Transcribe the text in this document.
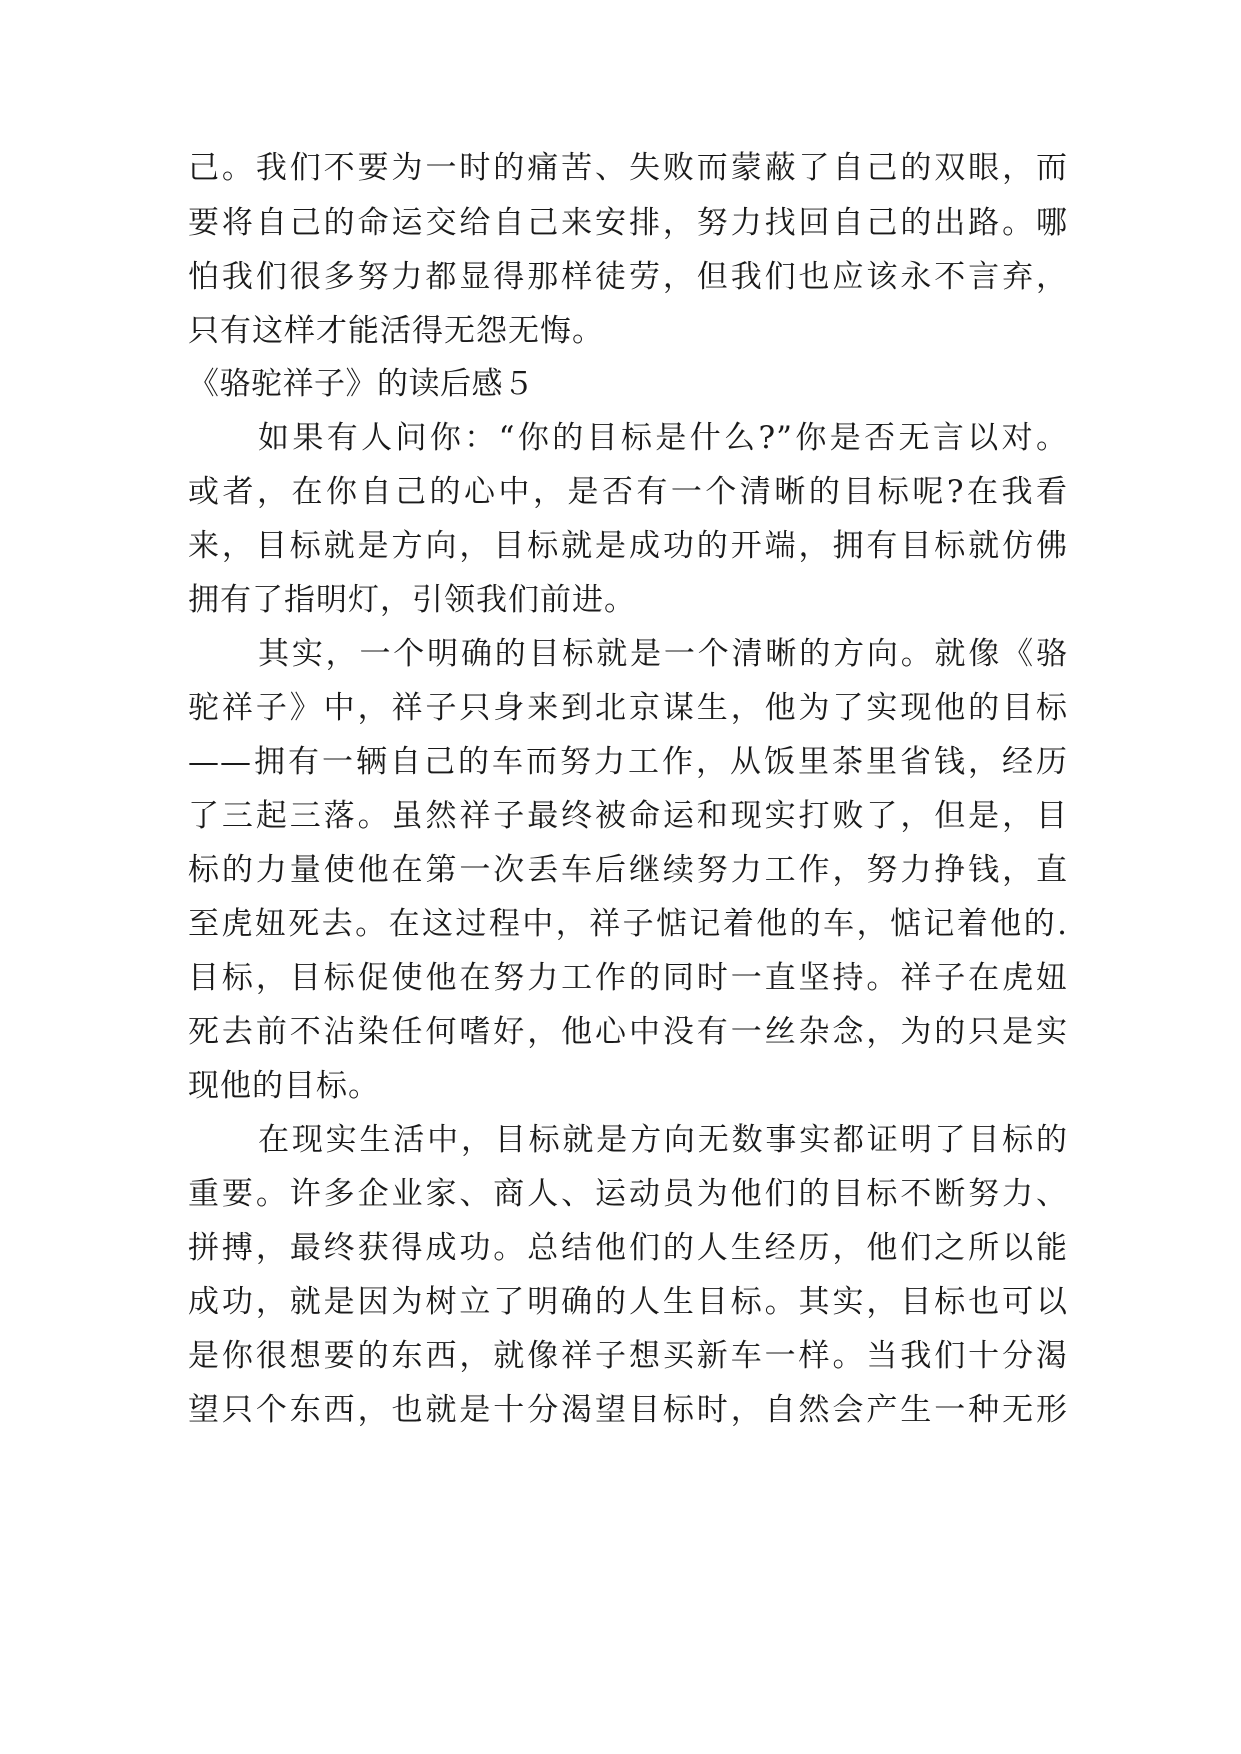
己。我们不要为一时的痛苦、失败而蒙蔽了自己的双眼，而
要将自己的命运交给自己来安排，努力找回自己的出路。哪
怕我们很多努力都显得那样徒劳，但我们也应该永不言弃，
只有这样才能活得无怨无悔。
《骆驼祥子》的读后感５
如果有人问你：“你的目标是什么?”你是否无言以对。
或者，在你自己的心中，是否有一个清晰的目标呢?在我看
来，目标就是方向，目标就是成功的开端，拥有目标就仿佛
拥有了指明灯，引领我们前进。
其实，一个明确的目标就是一个清晰的方向。就像《骆
驼祥子》中，祥子只身来到北京谋生，他为了实现他的目标
——拥有一辆自己的车而努力工作，从饭里茶里省钱，经历
了三起三落。虽然祥子最终被命运和现实打败了，但是，目
标的力量使他在第一次丢车后继续努力工作，努力挣钱，直
至虎妞死去。在这过程中，祥子惦记着他的车，惦记着他的.
目标，目标促使他在努力工作的同时一直坚持。祥子在虎妞
死去前不沾染任何嗜好，他心中没有一丝杂念，为的只是实
现他的目标。
在现实生活中，目标就是方向无数事实都证明了目标的
重要。许多企业家、商人、运动员为他们的目标不断努力、
拼搏，最终获得成功。总结他们的人生经历，他们之所以能
成功，就是因为树立了明确的人生目标。其实，目标也可以
是你很想要的东西，就像祥子想买新车一样。当我们十分渴
望只个东西，也就是十分渴望目标时，自然会产生一种无形
